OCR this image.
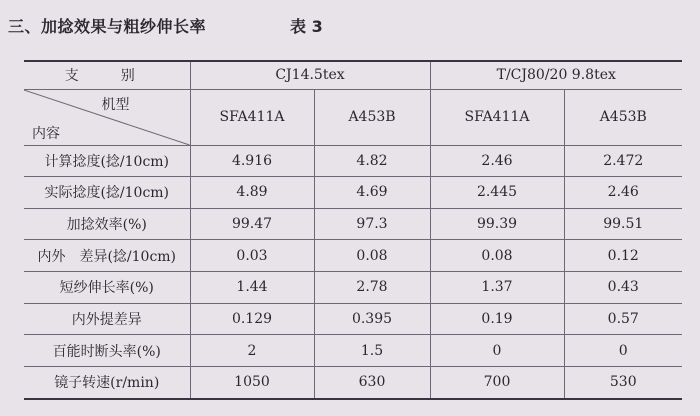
三、加捻效果与粗纱伸长率	表 3
支　别	CJ14.5tex		T/CJ80/20 9.8tex	

机型
内容	SFA411A	A453B	SFA411A	A453B
计算捻度(捻/10cm)	4.916	4.82	2.46	2.472
实际捻度(捻/10cm)	4.89	4.69	2.445	2.46
加捻效率(%)	99.47	97.3	99.39	99.51
内外　差异(捻/10cm)	0.03	0.08	0.08	0.12
短纱伸长率(%)	1.44	2.78	1.37	0.43
内外提差异	0.129	0.395	0.19	0.57
百能时断头率(%)	2	1.5	0	0
镜子转速(r/min)	1050	630	700	530
